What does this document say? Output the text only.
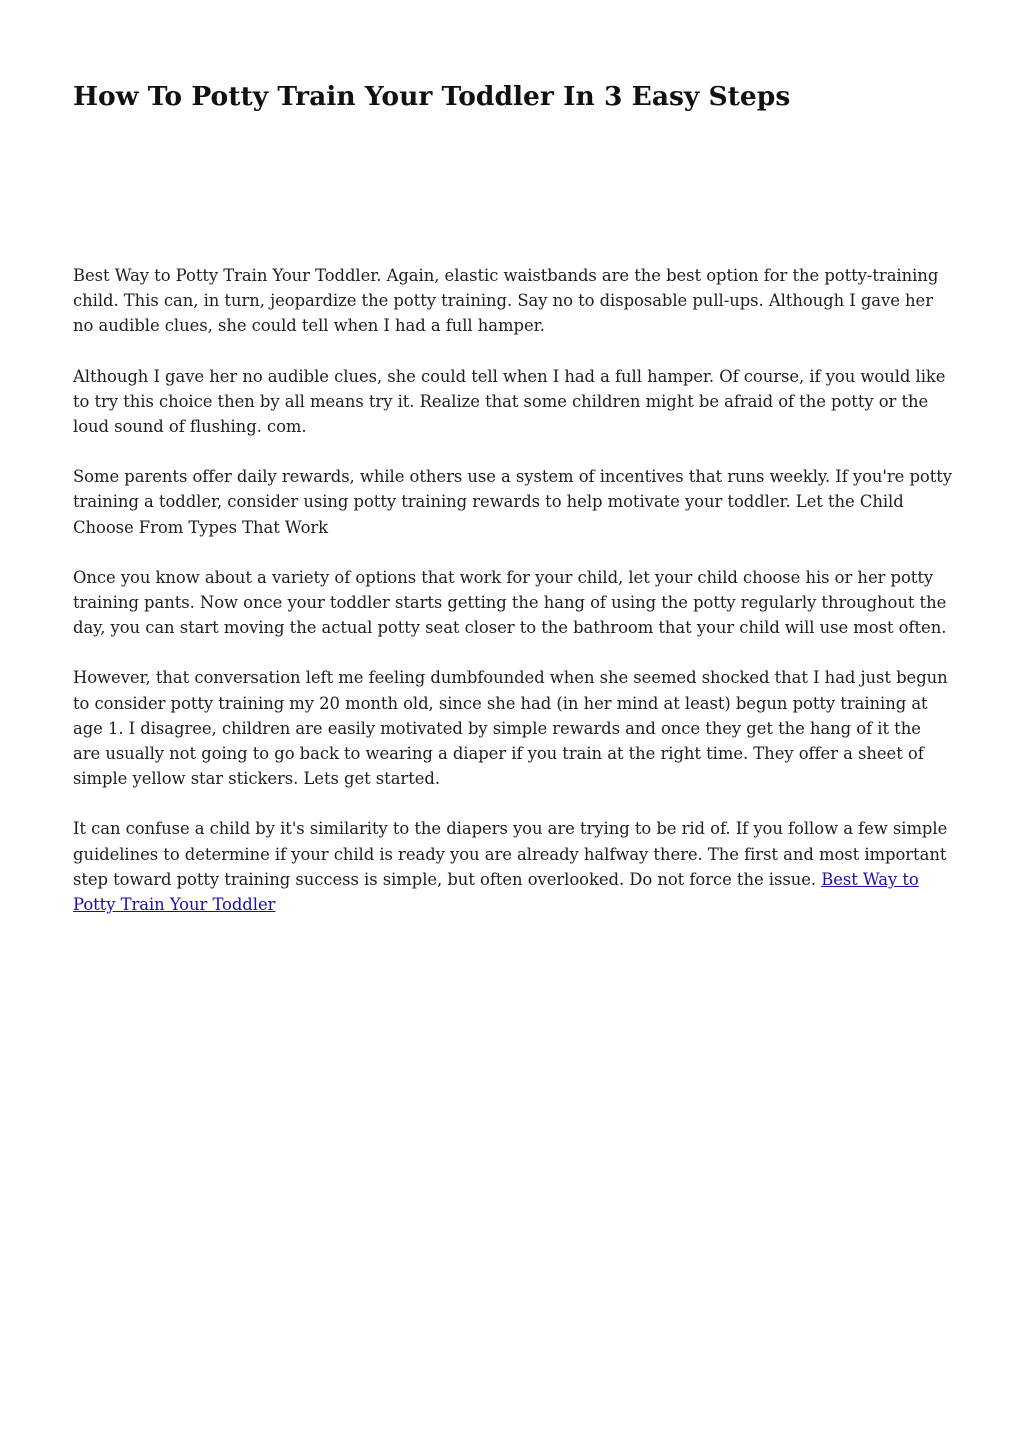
How To Potty Train Your Toddler In 3 Easy Steps

Best Way to Potty Train Your Toddler. Again, elastic waistbands are the best option for the potty-training child. This can, in turn, jeopardize the potty training. Say no to disposable pull-ups. Although I gave her no audible clues, she could tell when I had a full hamper.

Although I gave her no audible clues, she could tell when I had a full hamper. Of course, if you would like to try this choice then by all means try it. Realize that some children might be afraid of the potty or the loud sound of flushing. com.

Some parents offer daily rewards, while others use a system of incentives that runs weekly. If you're potty training a toddler, consider using potty training rewards to help motivate your toddler. Let the Child Choose From Types That Work

Once you know about a variety of options that work for your child, let your child choose his or her potty training pants. Now once your toddler starts getting the hang of using the potty regularly throughout the day, you can start moving the actual potty seat closer to the bathroom that your child will use most often.

However, that conversation left me feeling dumbfounded when she seemed shocked that I had just begun to consider potty training my 20 month old, since she had (in her mind at least) begun potty training at age 1. I disagree, children are easily motivated by simple rewards and once they get the hang of it the are usually not going to go back to wearing a diaper if you train at the right time. They offer a sheet of simple yellow star stickers. Lets get started.

It can confuse a child by it's similarity to the diapers you are trying to be rid of. If you follow a few simple guidelines to determine if your child is ready you are already halfway there. The first and most important step toward potty training success is simple, but often overlooked. Do not force the issue. Best Way to Potty Train Your Toddler
